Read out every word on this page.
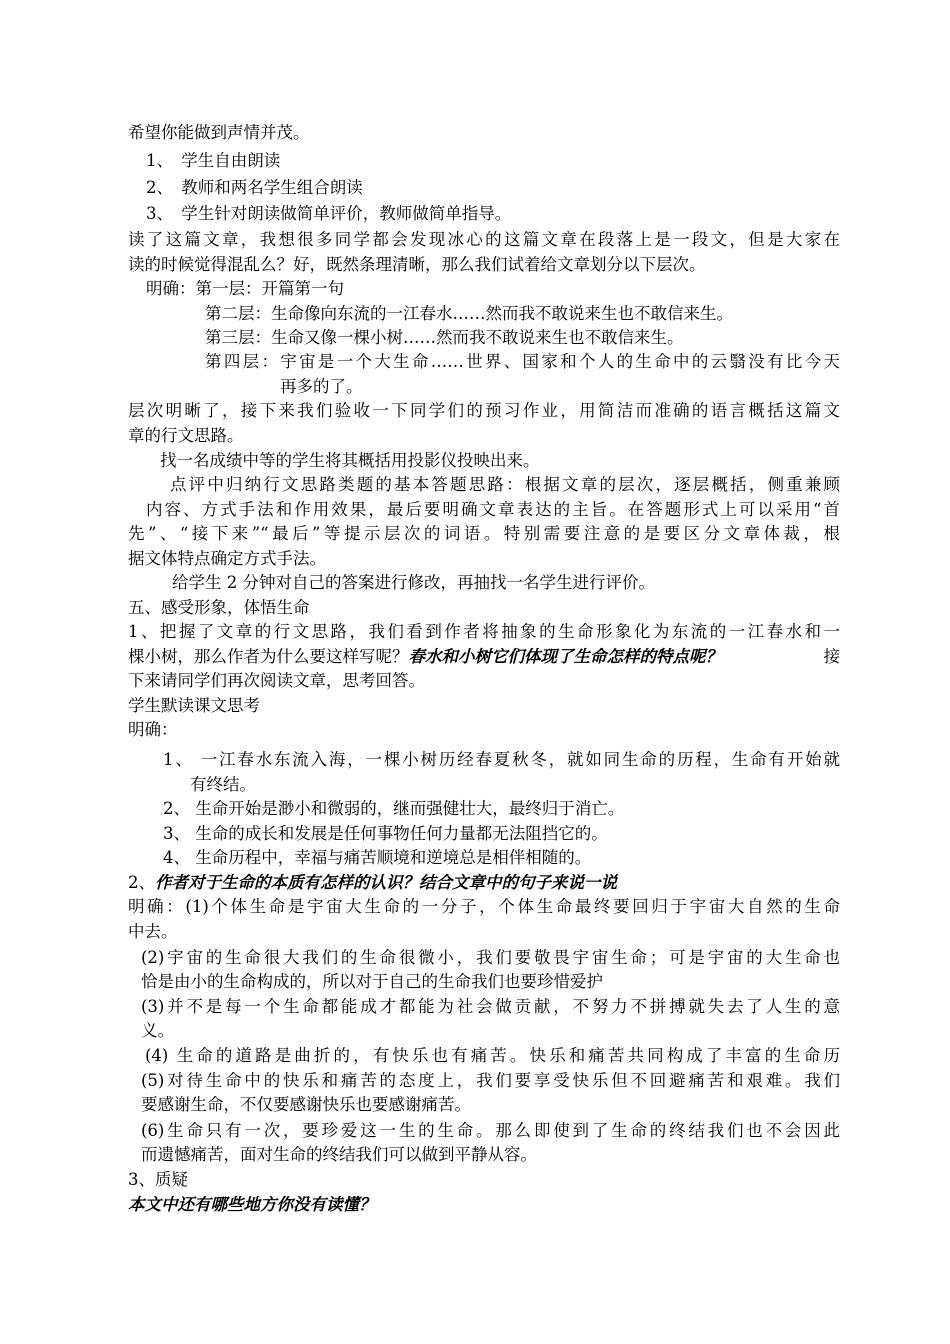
希望你能做到声情并茂。
1、　学生自由朗读
2、　教师和两名学生组合朗读
3、　学生针对朗读做简单评价，教师做简单指导。
读了这篇文章，我想很多同学都会发现冰心的这篇文章在段落上是一段文，但是大家在
读的时候觉得混乱么？好，既然条理清晰，那么我们试着给文章划分以下层次。
明确：第一层：开篇第一句
第二层：生命像向东流的一江春水……然而我不敢说来生也不敢信来生。
第三层：生命又像一棵小树……然而我不敢说来生也不敢信来生。
第四层：宇宙是一个大生命……世界、国家和个人的生命中的云翳没有比今天
再多的了。
层次明晰了，接下来我们验收一下同学们的预习作业，用简洁而准确的语言概括这篇文
章的行文思路。
找一名成绩中等的学生将其概括用投影仪投映出来。
点评中归纳行文思路类题的基本答题思路：根据文章的层次，逐层概括，侧重兼顾
内容、方式手法和作用效果，最后要明确文章表达的主旨。在答题形式上可以采用“首
先”、“接下来”“最后”等提示层次的词语。特别需要注意的是要区分文章体裁，根
据文体特点确定方式手法。
给学生 2 分钟对自己的答案进行修改，再抽找一名学生进行评价。
五、感受形象，体悟生命
1、把握了文章的行文思路，我们看到作者将抽象的生命形象化为东流的一江春水和一
棵小树，那么作者为什么要这样写呢？春水和小树它们体现了生命怎样的特点呢？	接
下来请同学们再次阅读文章，思考回答。
学生默读课文思考
明确：
1、 一江春水东流入海，一棵小树历经春夏秋冬，就如同生命的历程，生命有开始就
有终结。
2、 生命开始是渺小和微弱的，继而强健壮大，最终归于消亡。
3、 生命的成长和发展是任何事物任何力量都无法阻挡它的。
4、 生命历程中，幸福与痛苦顺境和逆境总是相伴相随的。
2、作者对于生命的本质有怎样的认识？结合文章中的句子来说一说
明确：(1)个体生命是宇宙大生命的一分子，个体生命最终要回归于宇宙大自然的生命
中去。
(2)宇宙的生命很大我们的生命很微小，我们要敬畏宇宙生命；可是宇宙的大生命也
恰是由小的生命构成的，所以对于自己的生命我们也要珍惜爱护
(3)并不是每一个生命都能成才都能为社会做贡献，不努力不拼搏就失去了人生的意
义。
(4) 生命的道路是曲折的，有快乐也有痛苦。快乐和痛苦共同构成了丰富的生命历
(5)对待生命中的快乐和痛苦的态度上，我们要享受快乐但不回避痛苦和艰难。我们
要感谢生命，不仅要感谢快乐也要感谢痛苦。
(6)生命只有一次，要珍爱这一生的生命。那么即使到了生命的终结我们也不会因此
而遗憾痛苦，面对生命的终结我们可以做到平静从容。
3、质疑
本文中还有哪些地方你没有读懂？
